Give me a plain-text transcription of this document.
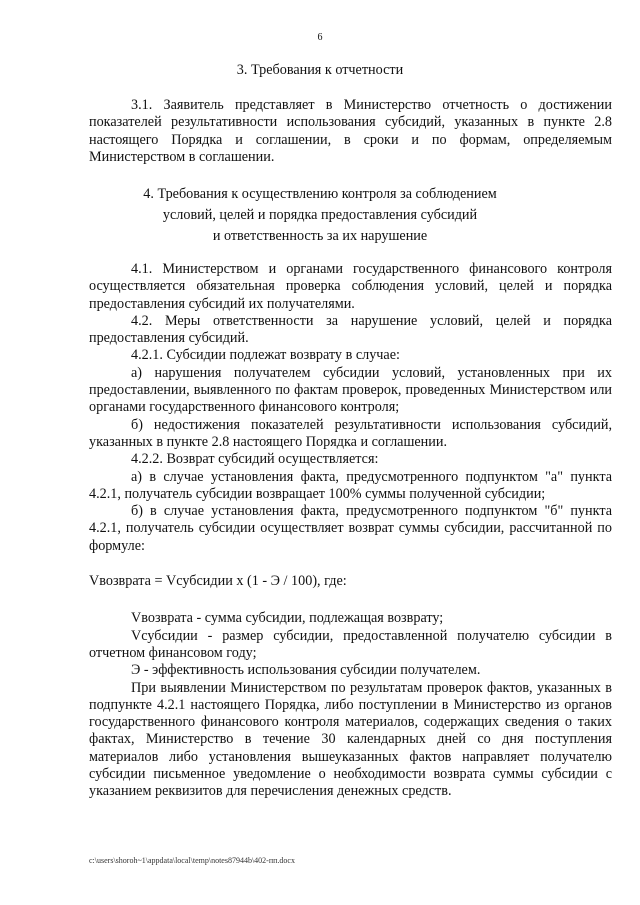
6
3. Требования к отчетности

3.1. Заявитель представляет в Министерство отчетность о достижении показателей результативности использования субсидий, указанных в пункте 2.8 настоящего Порядка и соглашении, в сроки и по формам, определяемым Министерством в соглашении.

4. Требования к осуществлению контроля за соблюдением
условий, целей и порядка предоставления субсидий
и ответственность за их нарушение

4.1. Министерством и органами государственного финансового контроля осуществляется обязательная проверка соблюдения условий, целей и порядка предоставления субсидий их получателями.

4.2. Меры ответственности за нарушение условий, целей и порядка предоставления субсидий.

4.2.1. Субсидии подлежат возврату в случае:

а) нарушения получателем субсидии условий, установленных при их предоставлении, выявленного по фактам проверок, проведенных Министерством или органами государственного финансового контроля;

б) недостижения показателей результативности использования субсидий, указанных в пункте 2.8 настоящего Порядка и соглашении.

4.2.2. Возврат субсидий осуществляется:

а) в случае установления факта, предусмотренного подпунктом "а" пункта 4.2.1, получатель субсидии возвращает 100% суммы полученной субсидии;

б) в случае установления факта, предусмотренного подпунктом "б" пункта 4.2.1, получатель субсидии осуществляет возврат суммы субсидии, рассчитанной по формуле:

Vвозврата = Vсубсидии x (1 - Э / 100), где:

Vвозврата - сумма субсидии, подлежащая возврату;

Vсубсидии - размер субсидии, предоставленной получателю субсидии в отчетном финансовом году;

Э - эффективность использования субсидии получателем.

При выявлении Министерством по результатам проверок фактов, указанных в подпункте 4.2.1 настоящего Порядка, либо поступлении в Министерство из органов государственного финансового контроля материалов, содержащих сведения о таких фактах, Министерство в течение 30 календарных дней со дня поступления материалов либо установления вышеуказанных фактов направляет получателю субсидии письменное уведомление о необходимости возврата суммы субсидии с указанием реквизитов для перечисления денежных средств.

c:\users\shoroh~1\appdata\local\temp\notes87944b\402-пп.docx
